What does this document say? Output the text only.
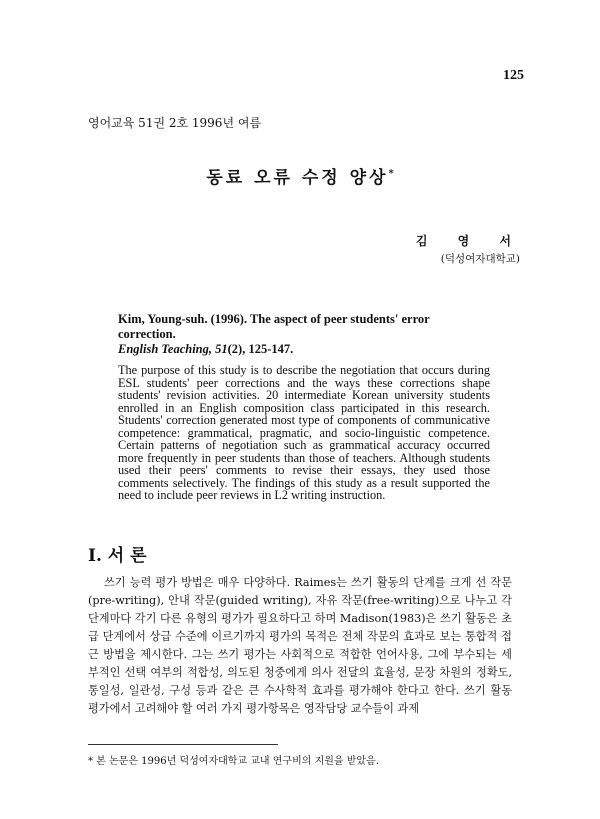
125
영어교육 51권 2호 1996년 여름
동료 오류 수정 양상*
김 영 서
(덕성여자대학교)

Kim, Young-suh. (1996). The aspect of peer students' error correction.
English Teaching, 51(2), 125-147.

The purpose of this study is to describe the negotiation that occurs during ESL students' peer corrections and the ways these corrections shape students' revision activities. 20 intermediate Korean university students enrolled in an English composition class participated in this research. Students' correction generated most type of components of communicative competence: grammatical, pragmatic, and socio-linguistic competence. Certain patterns of negotiation such as grammatical accuracy occurred more frequently in peer students than those of teachers. Although students used their peers' comments to revise their essays, they used those comments selectively. The findings of this study as a result supported the need to include peer reviews in L2 writing instruction.
I. 서 론

쓰기 능력 평가 방법은 매우 다양하다. Raimes는 쓰기 활동의 단계를 크게 선 작문(pre-writing), 안내 작문(guided writing), 자유 작문(free-writing)으로 나누고 각 단계마다 각기 다른 유형의 평가가 필요하다고 하며 Madison(1983)은 쓰기 활동은 초급 단계에서 상급 수준에 이르기까지 평가의 목적은 전체 작문의 효과로 보는 통합적 접근 방법을 제시한다. 그는 쓰기 평가는 사회적으로 적합한 언어사용, 그에 부수되는 세부적인 선택 여부의 적합성, 의도된 청중에게 의사 전달의 효율성, 문장 차원의 정확도, 통일성, 일관성, 구성 등과 같은 큰 수사학적 효과를 평가해야 한다고 한다. 쓰기 활동 평가에서 고려해야 할 여러 가지 평가항목은 영작담당 교수들이 과제

* 본 논문은 1996년 덕성여자대학교 교내 연구비의 지원을 받았음.
